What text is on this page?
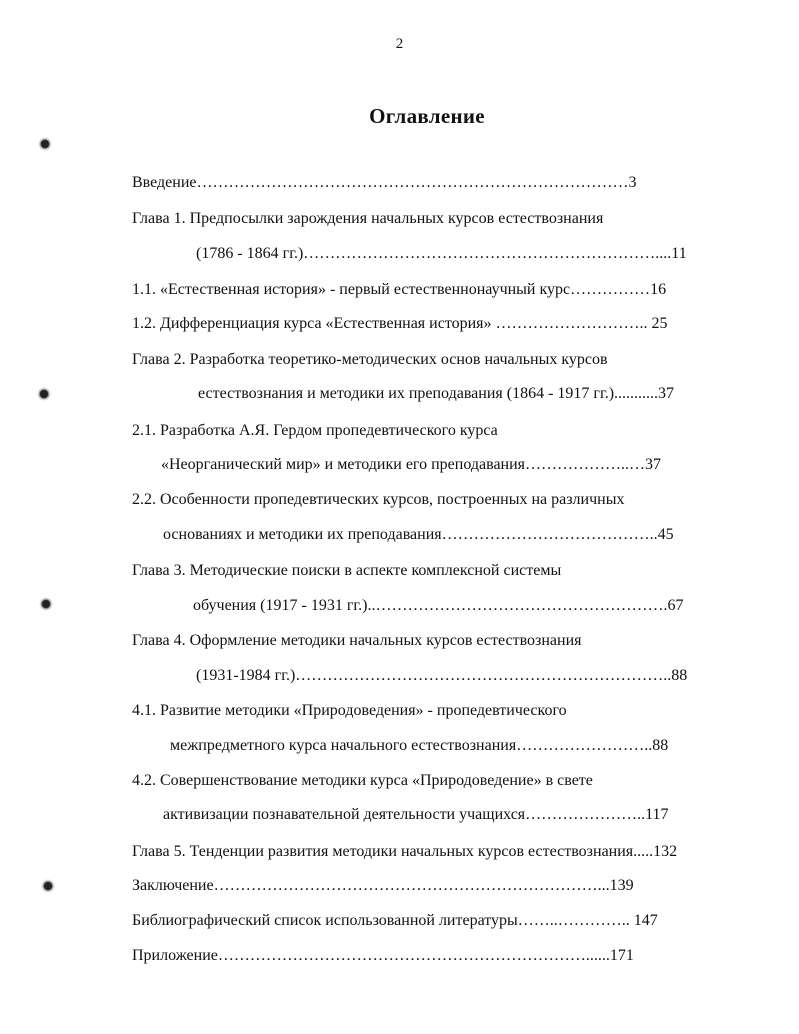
2
Оглавление
Введение………………………………………………………………………3
Глава 1. Предпосылки зарождения начальных курсов естествознания
(1786 - 1864 гг.)…………………………………………………………....11
1.1. «Естественная история» - первый естественнонаучный курс……………16
1.2. Дифференциация курса «Естественная история» ……………………….. 25
Глава 2. Разработка теоретико-методических основ начальных курсов
естествознания и методики их преподавания (1864 - 1917 гг.)...........37
2.1. Разработка А.Я. Гердом пропедевтического курса
«Неорганический мир» и методики его преподавания………………..…37
2.2. Особенности пропедевтических курсов, построенных на различных
основаниях и методики их преподавания…………………………………..45
Глава 3. Методические поиски в аспекте комплексной системы
обучения (1917 - 1931 гг.)..……………………………………………….67
Глава 4. Оформление методики начальных курсов естествознания
(1931-1984 гг.)……………………………………………………………..88
4.1. Развитие методики «Природоведения» - пропедевтического
межпредметного курса начального естествознания……………………..88
4.2. Совершенствование методики курса «Природоведение» в свете
активизации познавательной деятельности учащихся…………………..117
Глава 5. Тенденции развития методики начальных курсов естествознания.....132
Заключение………………………………………………………………...139
Библиографический список использованной литературы……..………….. 147
Приложение……………………………………………………………......171
